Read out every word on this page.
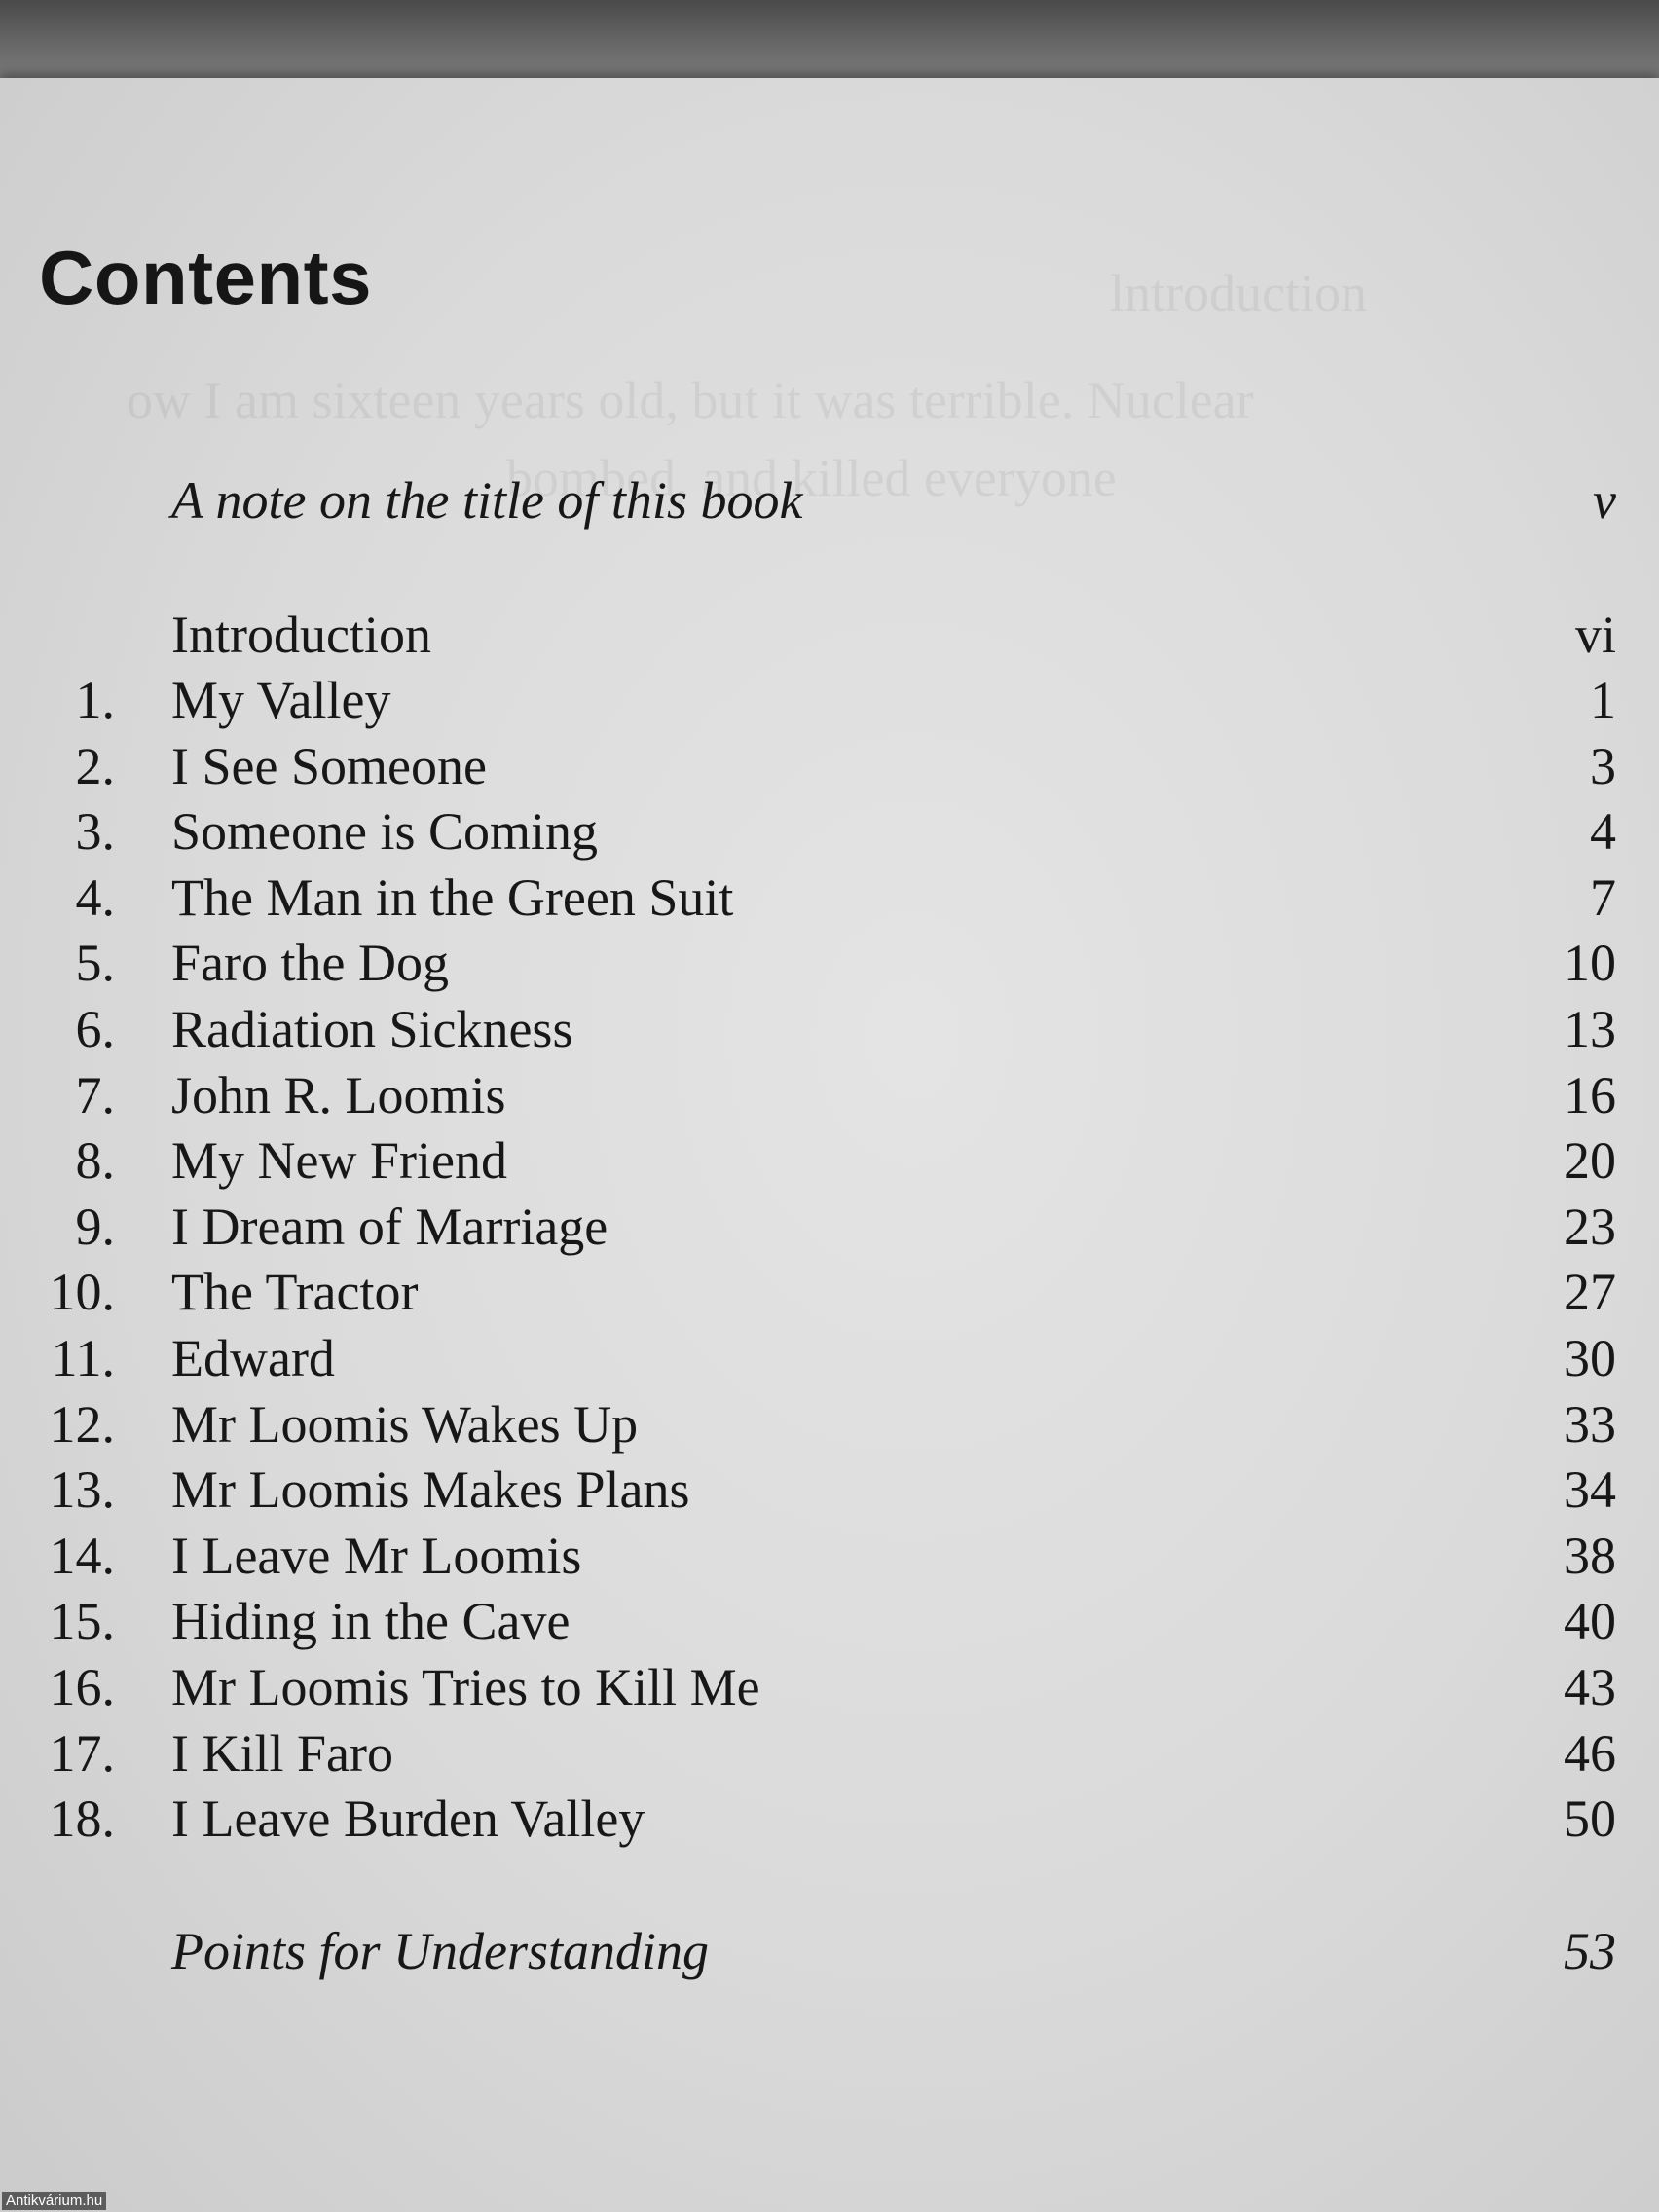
lntroduction
ow I am sixteen years old, but it was terrible. Nuclear
bombed, and killed everyone
Contents
A note on the title of this book	v
Introduction	vi
1. My Valley	1
2. I See Someone	3
3. Someone is Coming	4
4. The Man in the Green Suit	7
5. Faro the Dog	10
6. Radiation Sickness	13
7. John R. Loomis	16
8. My New Friend	20
9. I Dream of Marriage	23
10. The Tractor	27
11. Edward	30
12. Mr Loomis Wakes Up	33
13. Mr Loomis Makes Plans	34
14. I Leave Mr Loomis	38
15. Hiding in the Cave	40
16. Mr Loomis Tries to Kill Me	43
17. I Kill Faro	46
18. I Leave Burden Valley	50
Points for Understanding	53
Antikvárium.hu
